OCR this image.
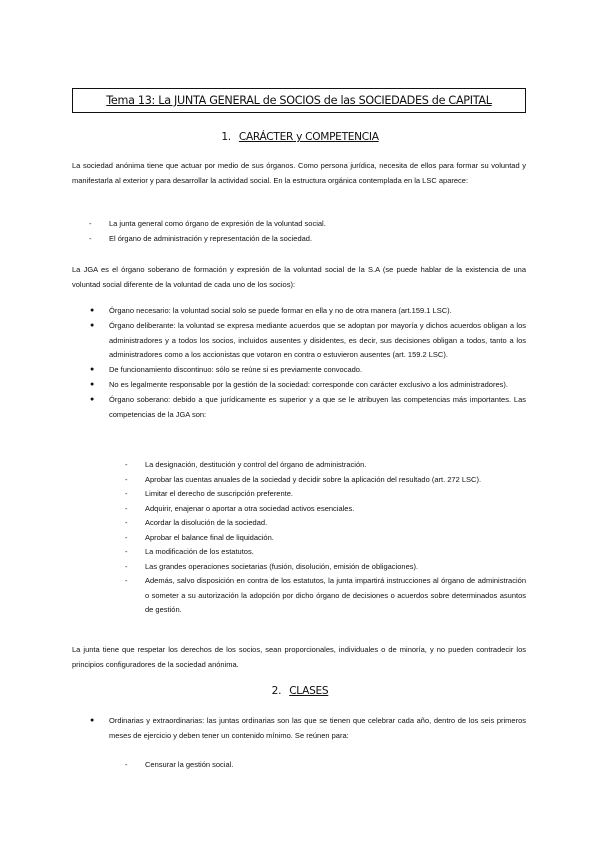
Tema 13: La JUNTA GENERAL de SOCIOS de las SOCIEDADES de CAPITAL
1. CARÁCTER y COMPETENCIA

La sociedad anónima tiene que actuar por medio de sus órganos. Como persona jurídica, necesita de ellos para formar su voluntad y manifestarla al exterior y para desarrollar la actividad social. En la estructura orgánica contemplada en la LSC aparece:

- La junta general como órgano de expresión de la voluntad social.
- El órgano de administración y representación de la sociedad.

La JGA es el órgano soberano de formación y expresión de la voluntad social de la S.A (se puede hablar de la existencia de una voluntad social diferente de la voluntad de cada uno de los socios):

● Órgano necesario: la voluntad social solo se puede formar en ella y no de otra manera (art.159.1 LSC).
● Órgano deliberante: la voluntad se expresa mediante acuerdos que se adoptan por mayoría y dichos acuerdos obligan a los administradores y a todos los socios, incluidos ausentes y disidentes, es decir, sus decisiones obligan a todos, tanto a los administradores como a los accionistas que votaron en contra o estuvieron ausentes (art. 159.2 LSC).
● De funcionamiento discontinuo: sólo se reúne si es previamente convocado.
● No es legalmente responsable por la gestión de la sociedad: corresponde con carácter exclusivo a los administradores).
● Órgano soberano: debido a que jurídicamente es superior y a que se le atribuyen las competencias más importantes. Las competencias de la JGA son:
- La designación, destitución y control del órgano de administración.
- Aprobar las cuentas anuales de la sociedad y decidir sobre la aplicación del resultado (art. 272 LSC).
- Limitar el derecho de suscripción preferente.
- Adquirir, enajenar o aportar a otra sociedad activos esenciales.
- Acordar la disolución de la sociedad.
- Aprobar el balance final de liquidación.
- La modificación de los estatutos.
- Las grandes operaciones societarias (fusión, disolución, emisión de obligaciones).
- Además, salvo disposición en contra de los estatutos, la junta impartirá instrucciones al órgano de administración o someter a su autorización la adopción por dicho órgano de decisiones o acuerdos sobre determinados asuntos de gestión.

La junta tiene que respetar los derechos de los socios, sean proporcionales, individuales o de minoría, y no pueden contradecir los principios configuradores de la sociedad anónima.

2. CLASES
● Ordinarias y extraordinarias: las juntas ordinarias son las que se tienen que celebrar cada año, dentro de los seis primeros meses de ejercicio y deben tener un contenido mínimo. Se reúnen para:
- Censurar la gestión social.
